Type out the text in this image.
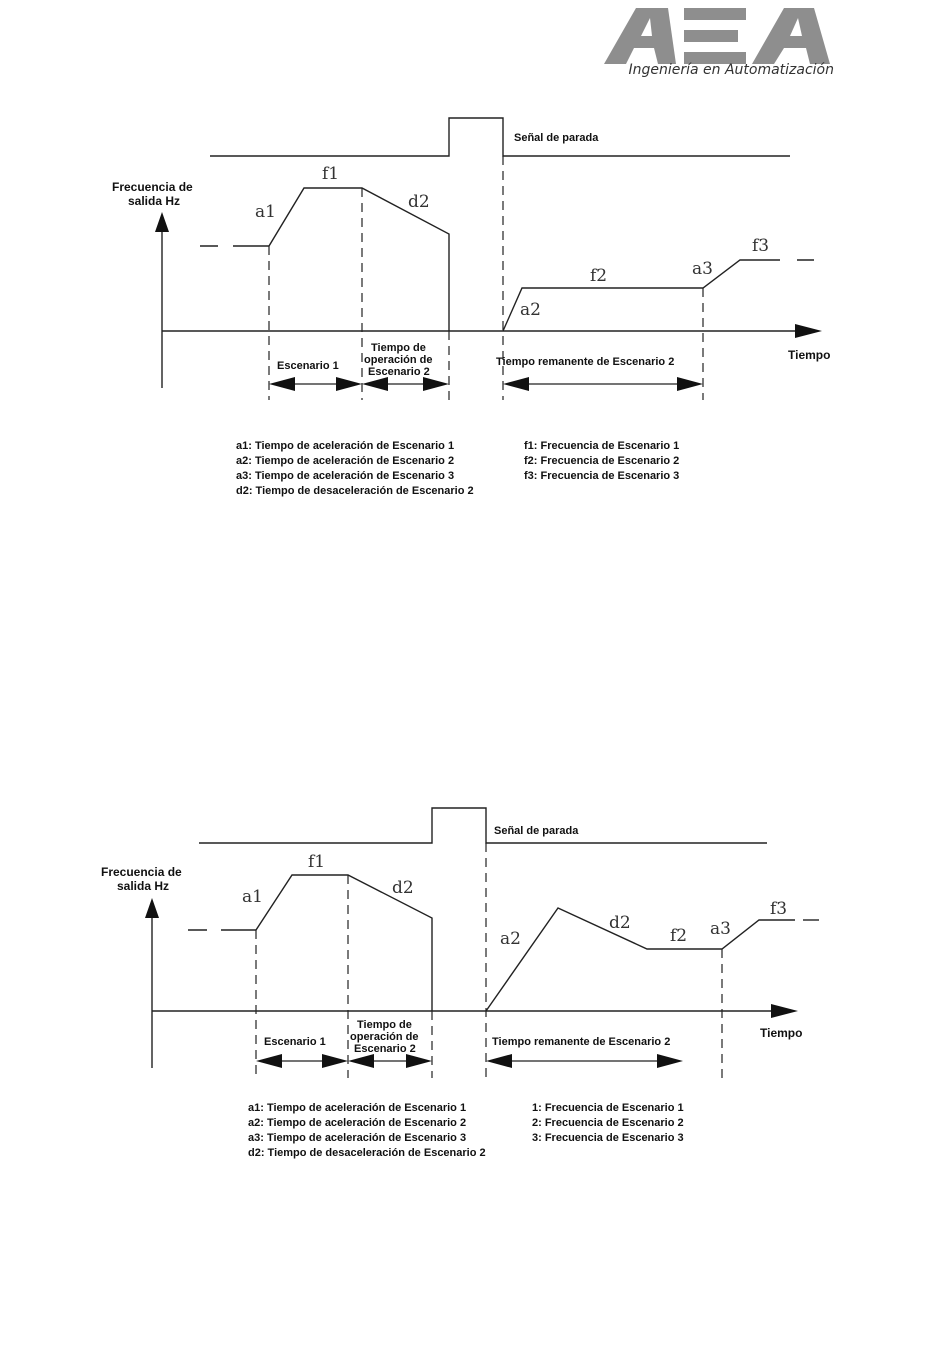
Ingeniería en Automatización
Señal de parada
Frecuencia de
salida Hz
Tiempo
a1
f1
d2
a2
f2	a3
f3
Escenario 1
Tiempo de
operación de
Escenario 2
Tiempo remanente de Escenario 2
a1: Tiempo de aceleración de Escenario 1
a2: Tiempo de aceleración de Escenario 2
a3: Tiempo de aceleración de Escenario 3
d2: Tiempo de desaceleración de Escenario 2
f1: Frecuencia de Escenario 1
f2: Frecuencia de Escenario 2
f3: Frecuencia de Escenario 3
Señal de parada
Frecuencia de
salida Hz
Tiempo
a1
f1
d2
a2
d2
f2 a3
f3
Escenario 1
Tiempo de
operación de
Escenario 2
Tiempo remanente de Escenario 2
a1: Tiempo de aceleración de Escenario 1
a2: Tiempo de aceleración de Escenario 2
a3: Tiempo de aceleración de Escenario 3
d2: Tiempo de desaceleración de Escenario 2
1: Frecuencia de Escenario 1
2: Frecuencia de Escenario 2
3: Frecuencia de Escenario 3
